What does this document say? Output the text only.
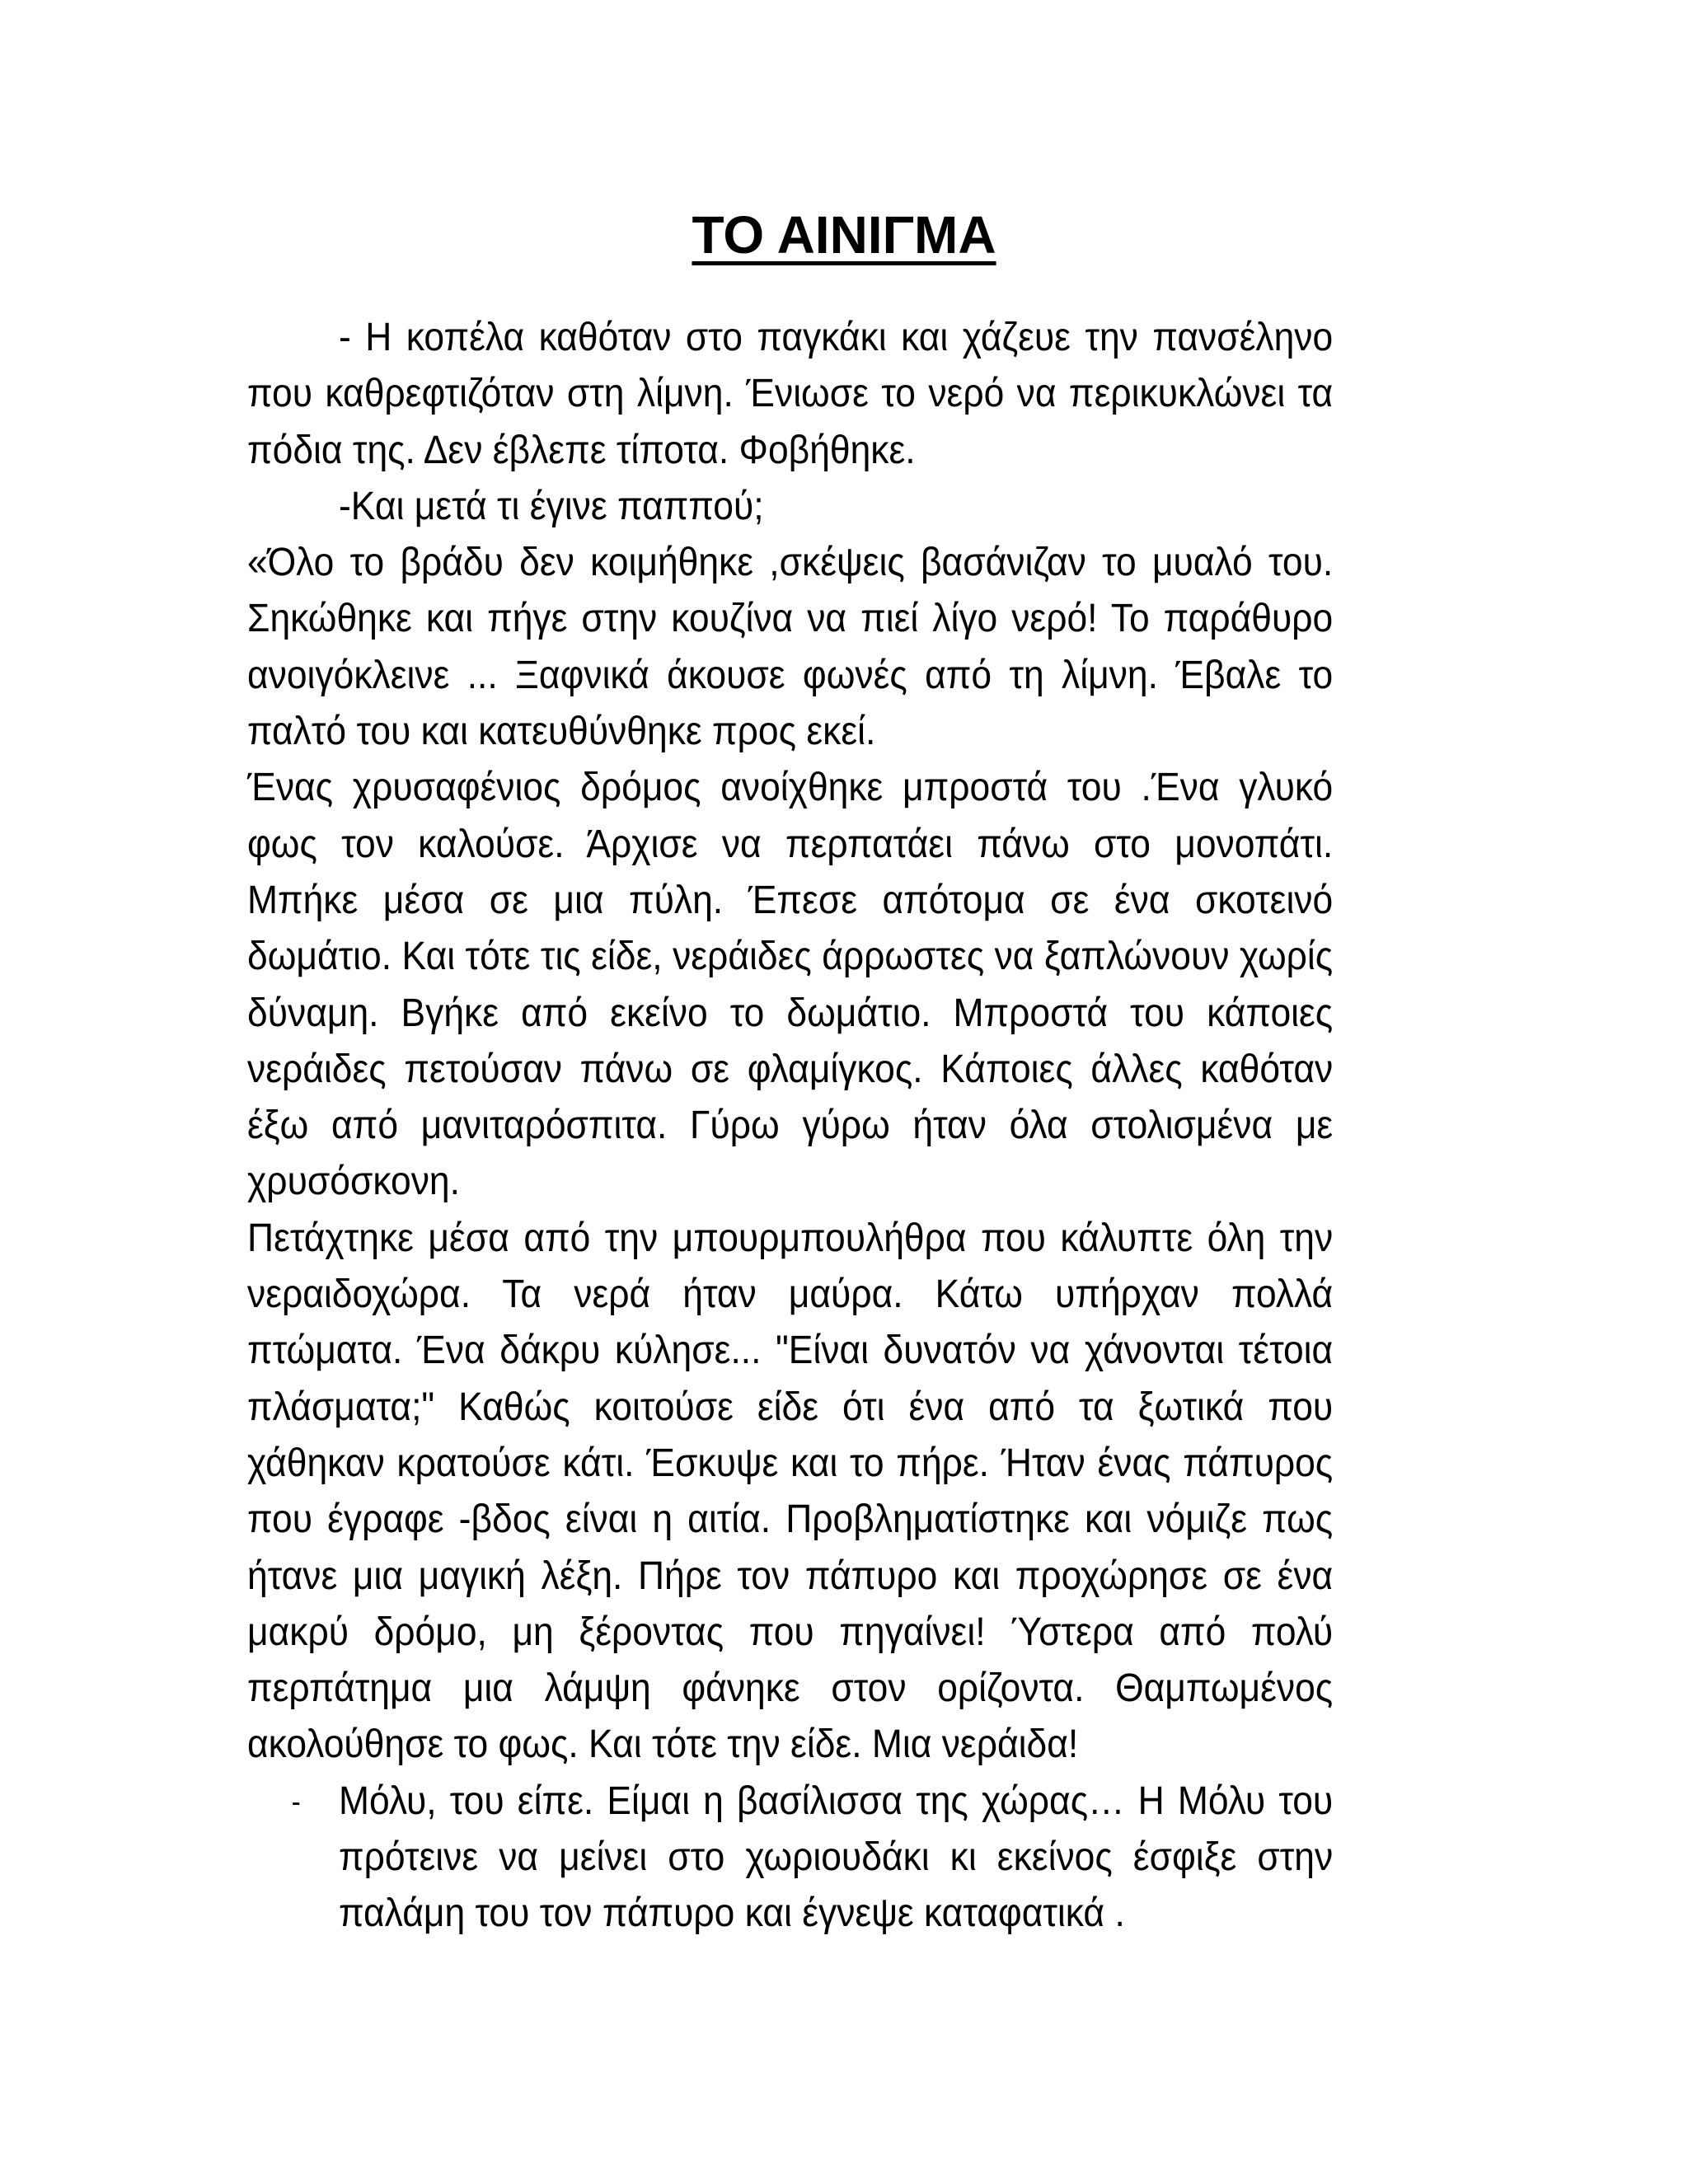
ΤΟ ΑΙΝΙΓΜΑ

- Η κοπέλα καθόταν στο παγκάκι και χάζευε την πανσέληνο που καθρεφτιζόταν στη λίμνη. Ένιωσε το νερό να περικυκλώνει τα πόδια της. Δεν έβλεπε τίποτα. Φοβήθηκε.

-Και μετά τι έγινε παππού;

«Όλο το βράδυ δεν κοιμήθηκε ,σκέψεις βασάνιζαν το μυαλό του. Σηκώθηκε και πήγε στην κουζίνα να πιεί λίγο νερό! Το παράθυρο ανοιγόκλεινε ... Ξαφνικά άκουσε φωνές από τη λίμνη. Έβαλε το παλτό του και κατευθύνθηκε προς εκεί.

Ένας χρυσαφένιος δρόμος ανοίχθηκε μπροστά του .Ένα γλυκό φως τον καλούσε. Άρχισε να περπατάει πάνω στο μονοπάτι. Μπήκε μέσα σε μια πύλη. Έπεσε απότομα σε ένα σκοτεινό δωμάτιο. Και τότε τις είδε, νεράιδες άρρωστες να ξαπλώνουν χωρίς δύναμη. Βγήκε από εκείνο το δωμάτιο. Μπροστά του κάποιες νεράιδες πετούσαν πάνω σε φλαμίγκος. Κάποιες άλλες καθόταν έξω από μανιταρόσπιτα. Γύρω γύρω ήταν όλα στολισμένα με χρυσόσκονη.

Πετάχτηκε μέσα από την μπουρμπουλήθρα που κάλυπτε όλη την νεραιδοχώρα. Τα νερά ήταν μαύρα. Κάτω υπήρχαν πολλά πτώματα. Ένα δάκρυ κύλησε... "Είναι δυνατόν να χάνονται τέτοια πλάσματα;" Καθώς κοιτούσε είδε ότι ένα από τα ξωτικά που χάθηκαν κρατούσε κάτι. Έσκυψε και το πήρε. Ήταν ένας πάπυρος που έγραφε -βδος είναι η αιτία. Προβληματίστηκε και νόμιζε πως ήτανε μια μαγική λέξη. Πήρε τον πάπυρο και προχώρησε σε ένα μακρύ δρόμο, μη ξέροντας που πηγαίνει! Ύστερα από πολύ περπάτημα μια λάμψη φάνηκε στον ορίζοντα. Θαμπωμένος ακολούθησε το φως. Και τότε την είδε. Μια νεράιδα!

- Μόλυ, του είπε. Είμαι η βασίλισσα της χώρας… Η Μόλυ του πρότεινε να μείνει στο χωριουδάκι κι εκείνος έσφιξε στην παλάμη του τον πάπυρο και έγνεψε καταφατικά .
